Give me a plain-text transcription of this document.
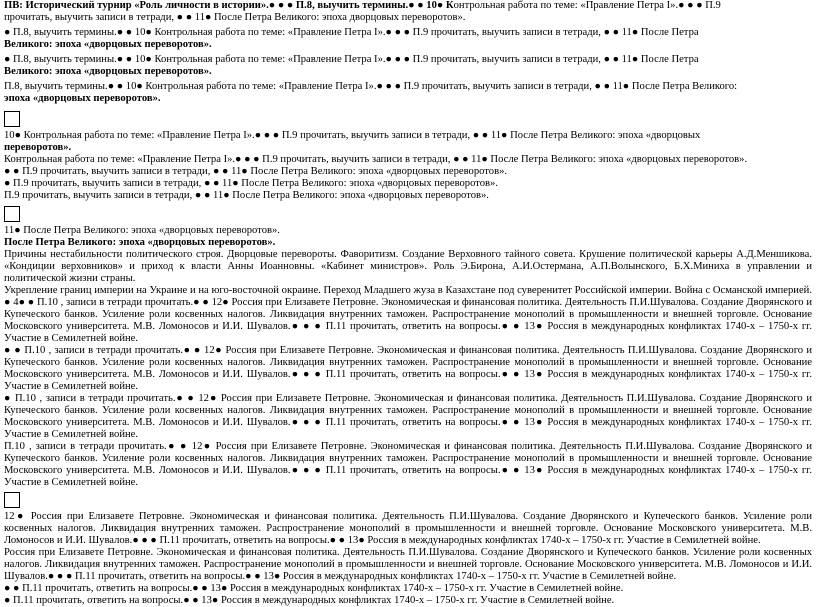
ПВ: Исторический турнир «Роль личности в истории».● ● ● П.8, выучить термины.● ● 10● Контрольная работа по теме: «Правление Петра I».● ● ● П.9

прочитать, выучить записи в тетради, ● ● 11● После Петра Великого: эпоха дворцовых переворотов».

● П.8, выучить термины.● ● 10● Контрольная работа по теме: «Правление Петра I».● ● ● П.9 прочитать, выучить записи в тетради, ● ● 11● После Петра

Великого: эпоха «дворцовых переворотов».

● П.8, выучить термины.● ● 10● Контрольная работа по теме: «Правление Петра I».● ● ● П.9 прочитать, выучить записи в тетради, ● ● 11● После Петра

Великого: эпоха «дворцовых переворотов».

П.8, выучить термины.● ● 10● Контрольная работа по теме: «Правление Петра I».● ● ● П.9 прочитать, выучить записи в тетради, ● ● 11● После Петра Великого:

эпоха «дворцовых переворотов».

10● Контрольная работа по теме: «Правление Петра I».● ● ● П.9 прочитать, выучить записи в тетради, ● ● 11● После Петра Великого: эпоха «дворцовых

переворотов».

Контрольная работа по теме: «Правление Петра I».● ● ● П.9 прочитать, выучить записи в тетради, ● ● 11● После Петра Великого: эпоха «дворцовых переворотов».

● ● П.9 прочитать, выучить записи в тетради, ● ● 11● После Петра Великого: эпоха «дворцовых переворотов».

● П.9 прочитать, выучить записи в тетради, ● ● 11● После Петра Великого: эпоха «дворцовых переворотов».

П.9 прочитать, выучить записи в тетради, ● ● 11● После Петра Великого: эпоха «дворцовых переворотов».

11● После Петра Великого: эпоха «дворцовых переворотов».

После Петра Великого: эпоха «дворцовых переворотов».

Причины нестабильности политического строя. Дворцовые перевороты. Фаворитизм. Создание Верховного тайного совета. Крушение политической карьеры А.Д.Меншикова. «Кондиции верховников» и приход к власти Анны Иоанновны. «Кабинет министров». Роль Э.Бирона, А.И.Остермана, А.П.Волынского, Б.Х.Миниха в управлении и политической жизни страны.

Укрепление границ империи на Украине и на юго-восточной окраине. Переход Младшего жуза в Казахстане под суверенитет Российской империи. Война с Османской империей. ● 4● ● П.10 , записи в тетради прочитать.● ● 12● Россия при Елизавете Петровне. Экономическая и финансовая политика. Деятельность П.И.Шувалова. Создание Дворянского и Купеческого банков. Усиление роли косвенных налогов. Ликвидация внутренних таможен. Распространение монополий в промышленности и внешней торговле. Основание Московского университета. М.В. Ломоносов и И.И. Шувалов.● ● ● П.11 прочитать, ответить на вопросы.● ● 13● Россия в международных конфликтах 1740-х – 1750-х гг. Участие в Семилетней войне.

● ● П.10 , записи в тетради прочитать.● ● 12● Россия при Елизавете Петровне. Экономическая и финансовая политика. Деятельность П.И.Шувалова. Создание Дворянского и Купеческого банков. Усиление роли косвенных налогов. Ликвидация внутренних таможен. Распространение монополий в промышленности и внешней торговле. Основание Московского университета. М.В. Ломоносов и И.И. Шувалов.● ● ● П.11 прочитать, ответить на вопросы.● ● 13● Россия в международных конфликтах 1740-х – 1750-х гг. Участие в Семилетней войне.

● П.10 , записи в тетради прочитать.● ● 12● Россия при Елизавете Петровне. Экономическая и финансовая политика. Деятельность П.И.Шувалова. Создание Дворянского и Купеческого банков. Усиление роли косвенных налогов. Ликвидация внутренних таможен. Распространение монополий в промышленности и внешней торговле. Основание Московского университета. М.В. Ломоносов и И.И. Шувалов.● ● ● П.11 прочитать, ответить на вопросы.● ● 13● Россия в международных конфликтах 1740-х – 1750-х гг. Участие в Семилетней войне.

П.10 , записи в тетради прочитать.● ● 12● Россия при Елизавете Петровне. Экономическая и финансовая политика. Деятельность П.И.Шувалова. Создание Дворянского и Купеческого банков. Усиление роли косвенных налогов. Ликвидация внутренних таможен. Распространение монополий в промышленности и внешней торговле. Основание Московского университета. М.В. Ломоносов и И.И. Шувалов.● ● ● П.11 прочитать, ответить на вопросы.● ● 13● Россия в международных конфликтах 1740-х – 1750-х гг. Участие в Семилетней войне.

12● Россия при Елизавете Петровне. Экономическая и финансовая политика. Деятельность П.И.Шувалова. Создание Дворянского и Купеческого банков. Усиление роли косвенных налогов. Ликвидация внутренних таможен. Распространение монополий в промышленности и внешней торговле. Основание Московского университета. М.В. Ломоносов и И.И. Шувалов.● ● ● П.11 прочитать, ответить на вопросы.● ● 13● Россия в международных конфликтах 1740-х – 1750-х гг. Участие в Семилетней войне.

Россия при Елизавете Петровне. Экономическая и финансовая политика. Деятельность П.И.Шувалова. Создание Дворянского и Купеческого банков. Усиление роли косвенных налогов. Ликвидация внутренних таможен. Распространение монополий в промышленности и внешней торговле. Основание Московского университета. М.В. Ломоносов и И.И. Шувалов.● ● ● П.11 прочитать, ответить на вопросы.● ● 13● Россия в международных конфликтах 1740-х – 1750-х гг. Участие в Семилетней войне.

● ● П.11 прочитать, ответить на вопросы.● ● 13● Россия в международных конфликтах 1740-х – 1750-х гг. Участие в Семилетней войне.

● П.11 прочитать, ответить на вопросы.● ● 13● Россия в международных конфликтах 1740-х – 1750-х гг. Участие в Семилетней войне.
